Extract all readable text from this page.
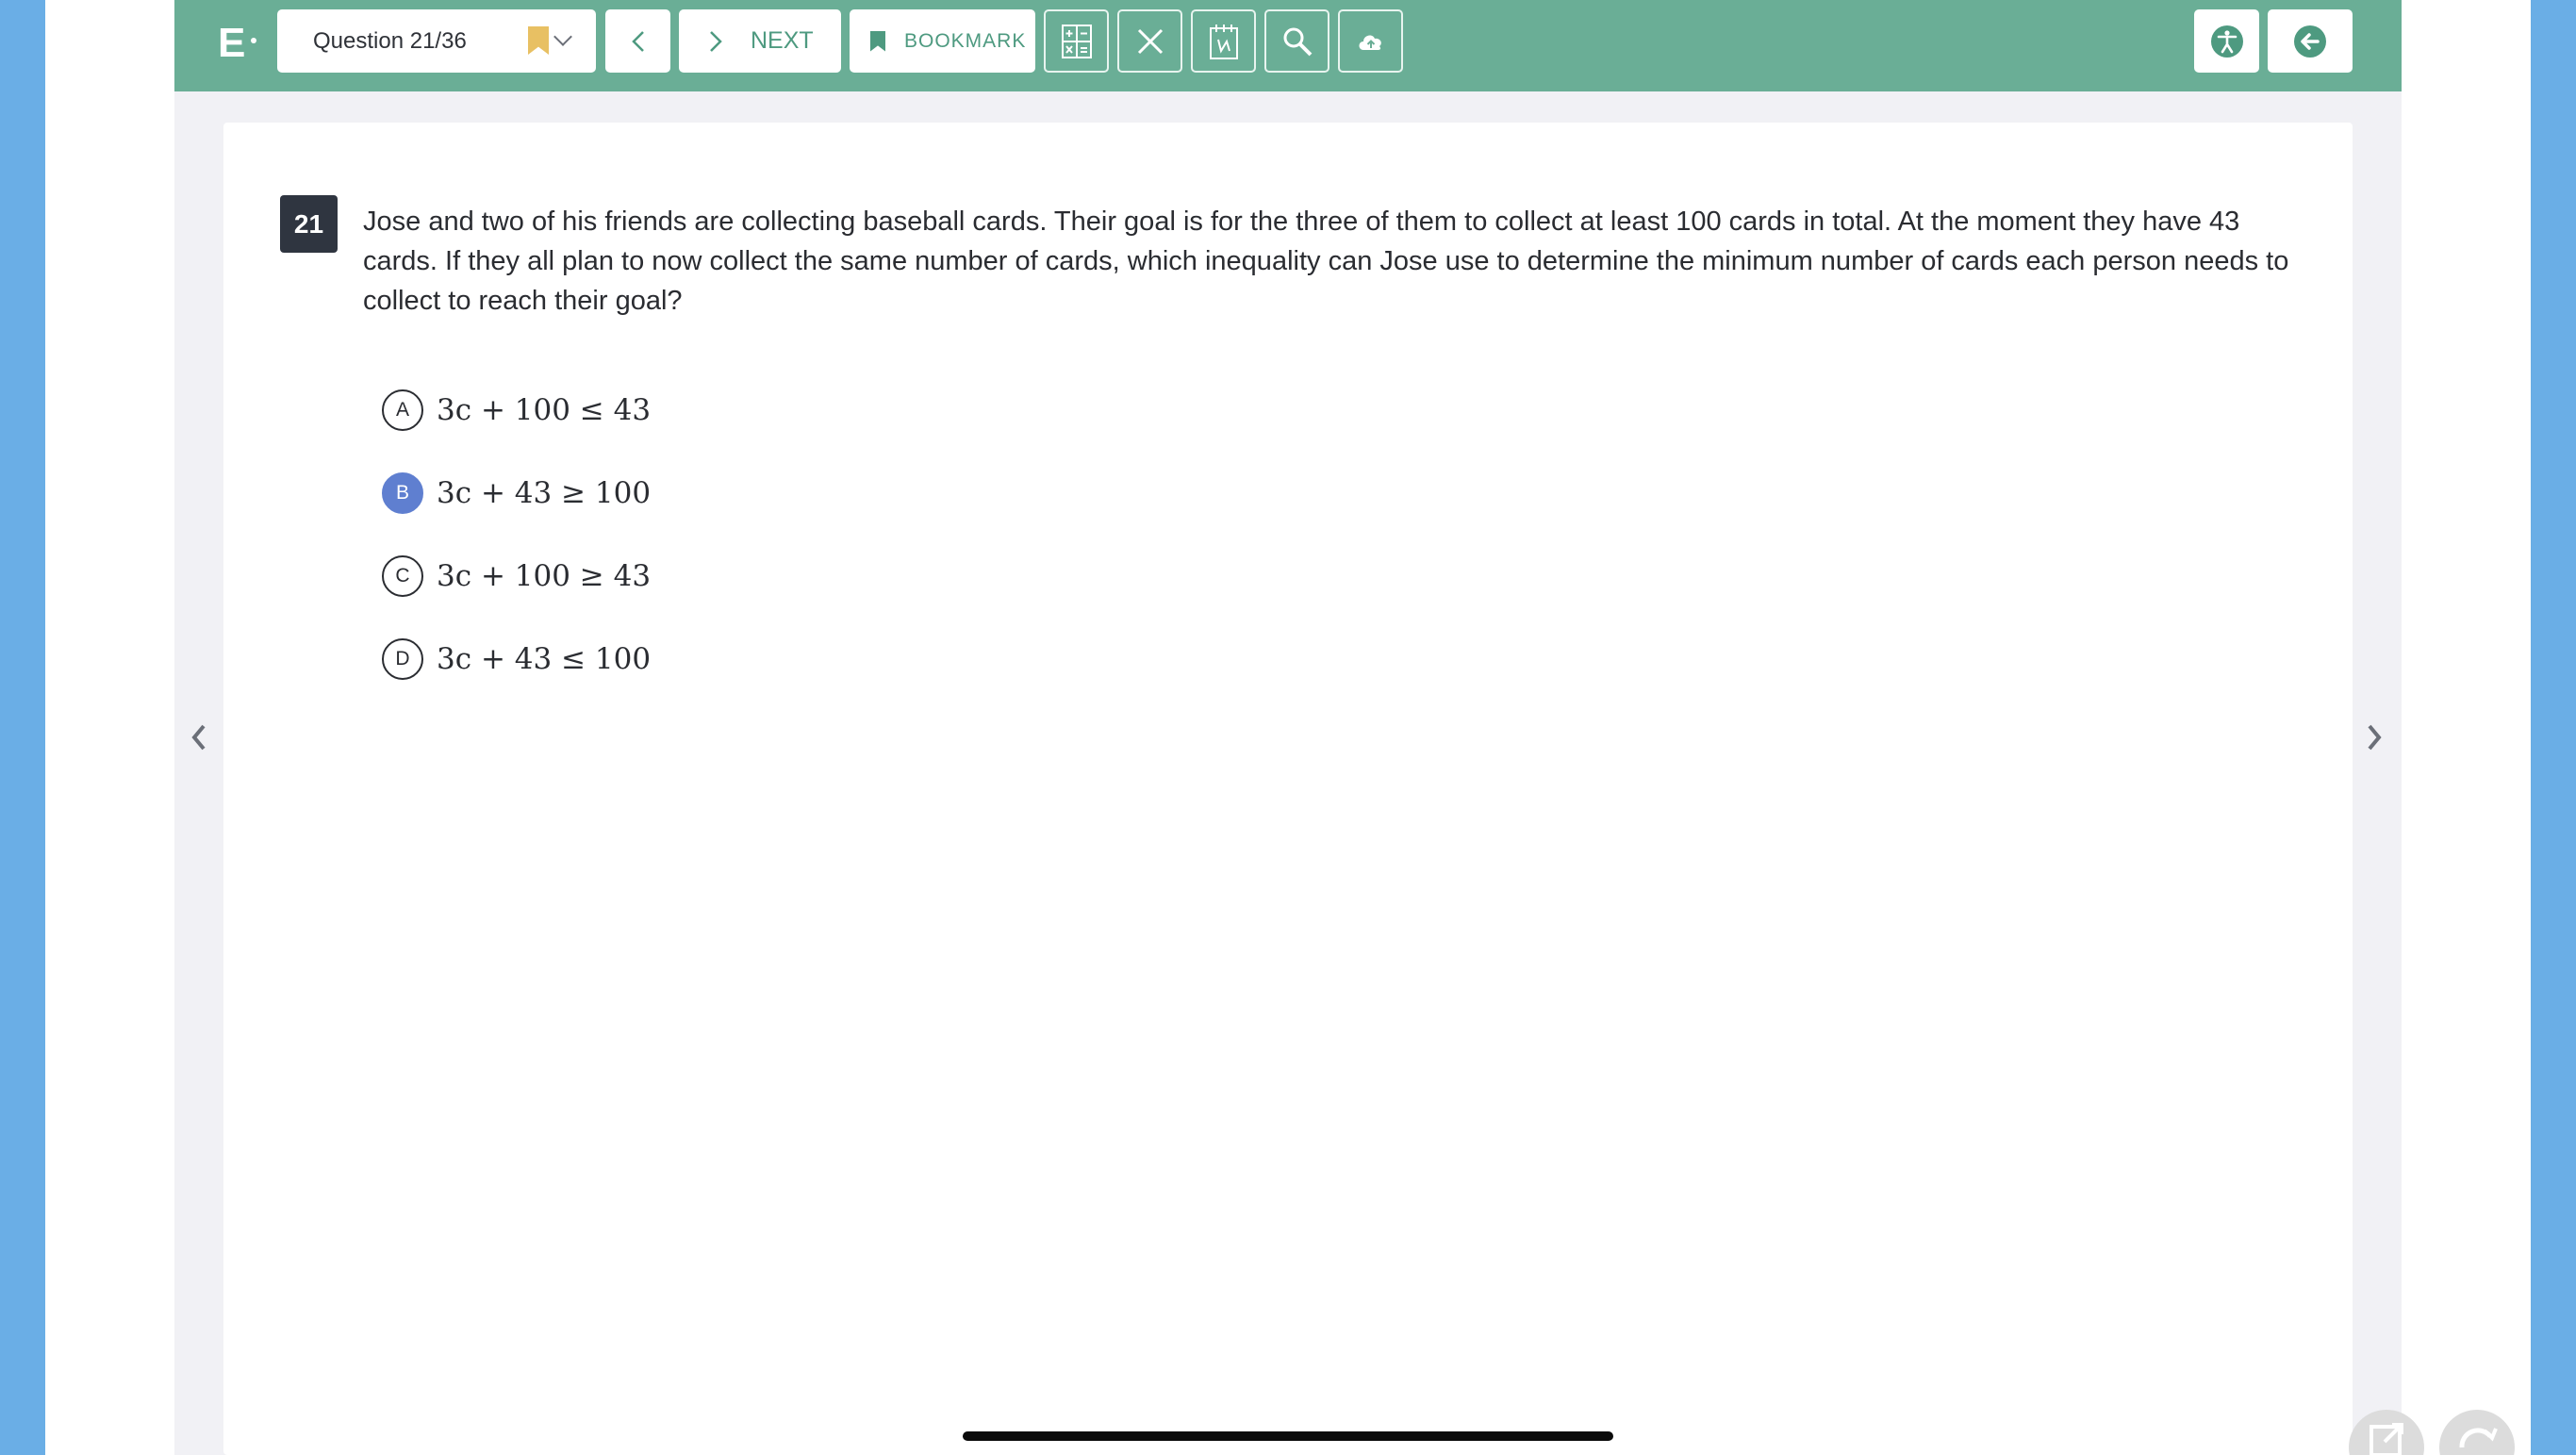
E	Question 21/36	NEXT	BOOKMARK
21	Jose and two of his friends are collecting baseball cards. Their goal is for the three of them to collect at least 100 cards in total. At the moment they have 43 cards. If they all plan to now collect the same number of cards, which inequality can Jose use to determine the minimum number of cards each person needs to collect to reach their goal?
A 3c + 100 ≤ 43
B 3c + 43 ≥ 100
C 3c + 100 ≥ 43
D 3c + 43 ≤ 100
